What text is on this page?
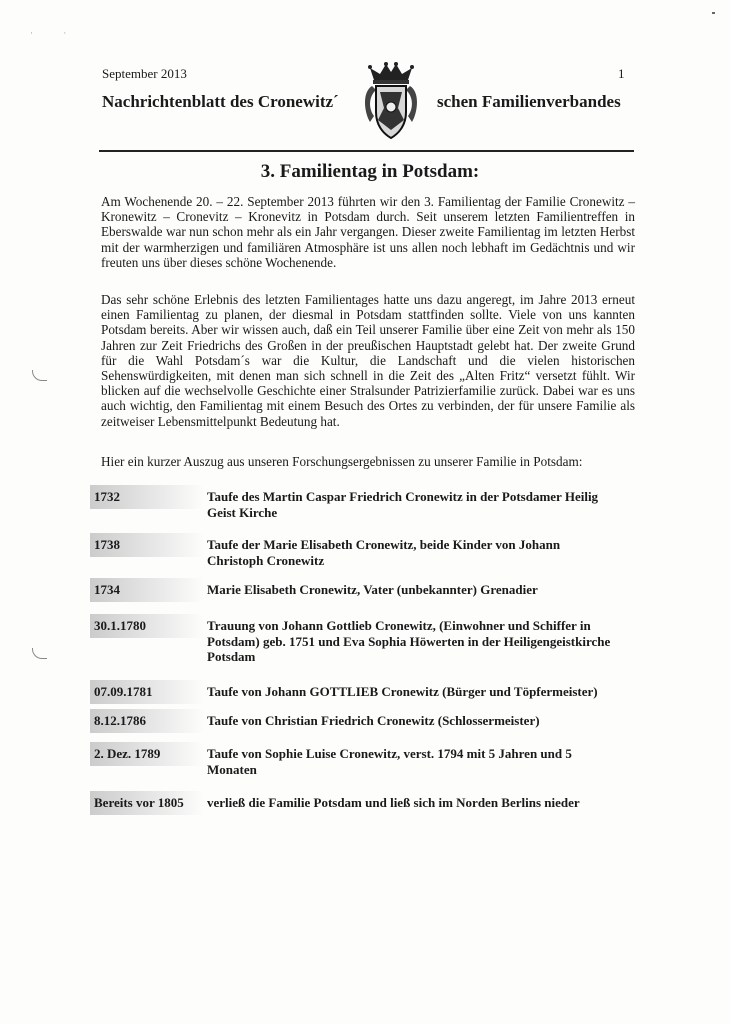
· ·
September 2013	1
Nachrichtenblatt des Cronewitz´	schen Familienverbandes
3. Familientag in Potsdam:

Am Wochenende 20. – 22. September 2013 führten wir den 3. Familientag der Familie Cronewitz – Kronewitz – Cronevitz – Kronevitz in Potsdam durch. Seit unserem letzten Familientreffen in Eberswalde war nun schon mehr als ein Jahr vergangen. Dieser zweite Familientag im letzten Herbst mit der warmherzigen und familiären Atmosphäre ist uns allen noch lebhaft im Gedächtnis und wir freuten uns über dieses schöne Wochenende.

Das sehr schöne Erlebnis des letzten Familientages hatte uns dazu angeregt, im Jahre 2013 erneut einen Familientag zu planen, der diesmal in Potsdam stattfinden sollte. Viele von uns kannten Potsdam bereits. Aber wir wissen auch, daß ein Teil unserer Familie über eine Zeit von mehr als 150 Jahren zur Zeit Friedrichs des Großen in der preußischen Hauptstadt gelebt hat. Der zweite Grund für die Wahl Potsdam´s war die Kultur, die Landschaft und die vielen historischen Sehenswürdigkeiten, mit denen man sich schnell in die Zeit des „Alten Fritz“ versetzt fühlt. Wir blicken auf die wechselvolle Geschichte einer Stralsunder Patrizierfamilie zurück. Dabei war es uns auch wichtig, den Familientag mit einem Besuch des Ortes zu verbinden, der für unsere Familie als zeitweiser Lebensmittelpunkt Bedeutung hat.

Hier ein kurzer Auszug aus unseren Forschungsergebnissen zu unserer Familie in Potsdam:
1732	Taufe des Martin Caspar Friedrich Cronewitz in der Potsdamer Heilig Geist Kirche
1738	Taufe der Marie Elisabeth Cronewitz, beide Kinder von Johann Christoph Cronewitz
1734	Marie Elisabeth Cronewitz, Vater (unbekannter) Grenadier
30.1.1780	Trauung von Johann Gottlieb Cronewitz, (Einwohner und Schiffer in Potsdam) geb. 1751 und Eva Sophia Höwerten in der Heiligengeistkirche Potsdam
07.09.1781	Taufe von Johann GOTTLIEB Cronewitz (Bürger und Töpfermeister)
8.12.1786	Taufe von Christian Friedrich Cronewitz (Schlossermeister)
2. Dez. 1789	Taufe von Sophie Luise Cronewitz, verst. 1794 mit 5 Jahren und 5 Monaten
Bereits vor 1805	verließ die Familie Potsdam und ließ sich im Norden Berlins nieder
